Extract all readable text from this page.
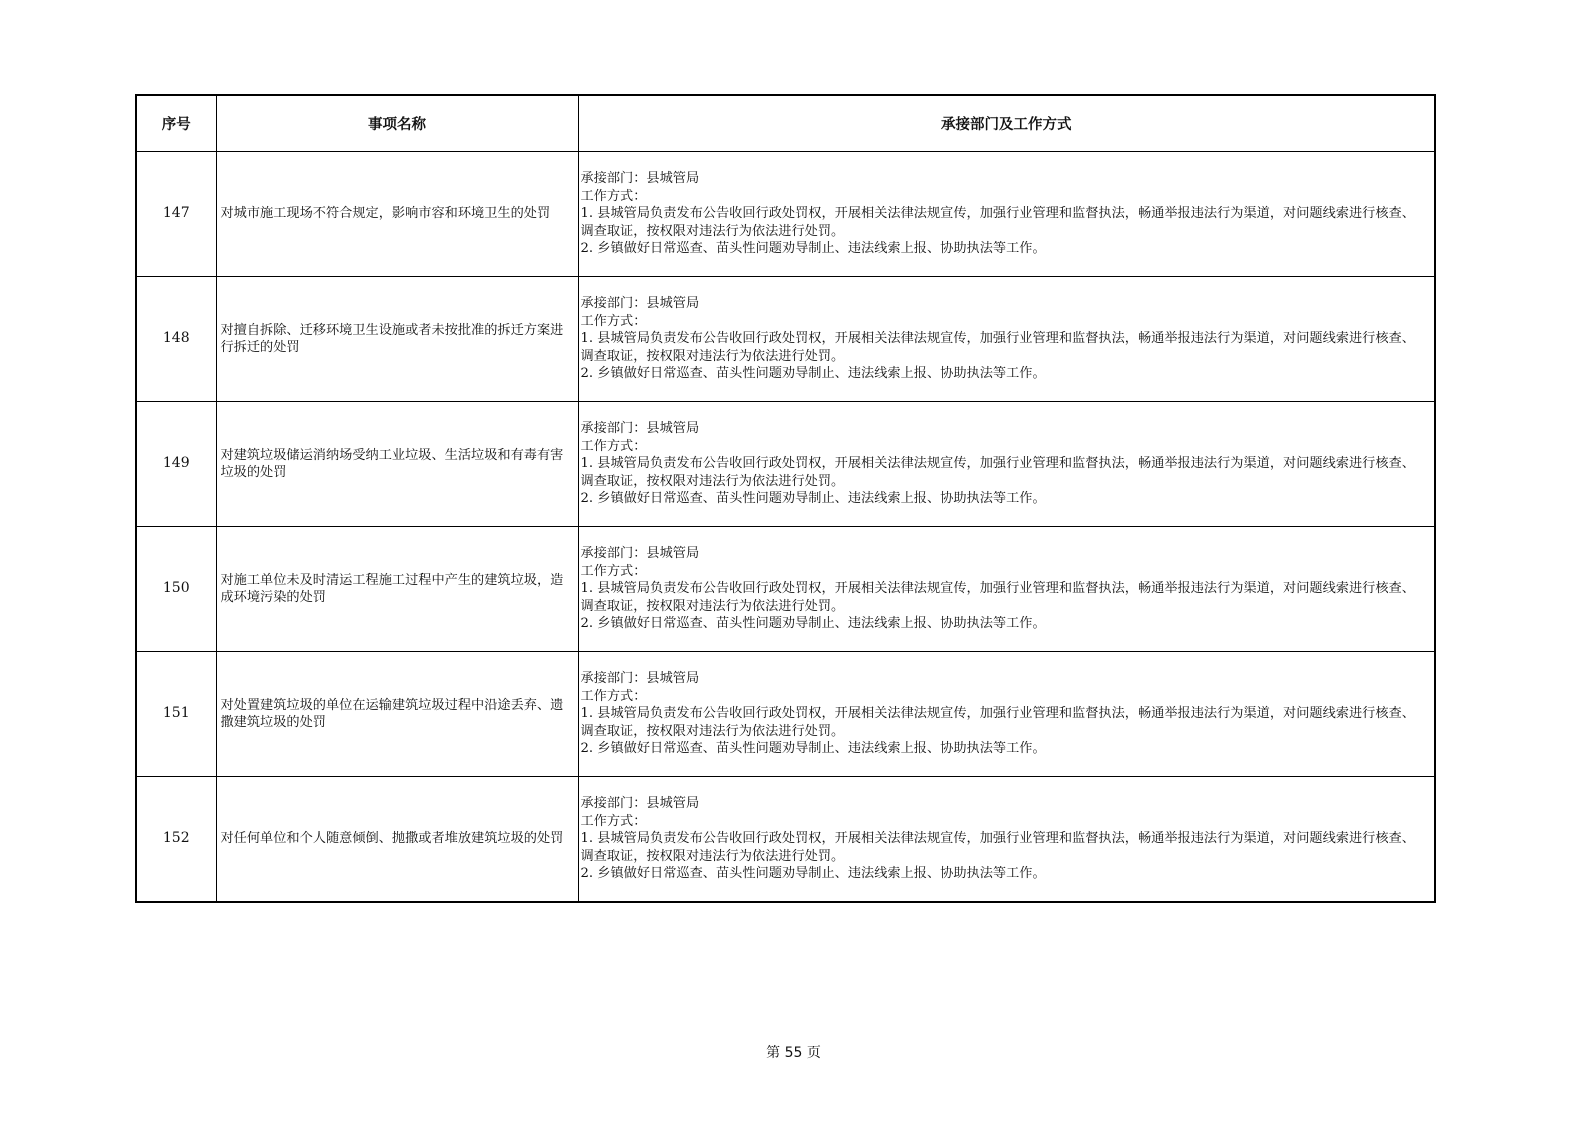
序号	事项名称	承接部门及工作方式
147	对城市施工现场不符合规定，影响市容和环境卫生的处罚	承接部门：县城管局
工作方式：
1. 县城管局负责发布公告收回行政处罚权，开展相关法律法规宣传，加强行业管理和监督执法，畅通举报违法行为渠道，对问题线索进行核查、调查取证，按权限对违法行为依法进行处罚。
2. 乡镇做好日常巡查、苗头性问题劝导制止、违法线索上报、协助执法等工作。

148	对擅自拆除、迁移环境卫生设施或者未按批准的拆迁方案进行拆迁的处罚	承接部门：县城管局
工作方式：
1. 县城管局负责发布公告收回行政处罚权，开展相关法律法规宣传，加强行业管理和监督执法，畅通举报违法行为渠道，对问题线索进行核查、调查取证，按权限对违法行为依法进行处罚。
2. 乡镇做好日常巡查、苗头性问题劝导制止、违法线索上报、协助执法等工作。

149	对建筑垃圾储运消纳场受纳工业垃圾、生活垃圾和有毒有害垃圾的处罚	承接部门：县城管局
工作方式：
1. 县城管局负责发布公告收回行政处罚权，开展相关法律法规宣传，加强行业管理和监督执法，畅通举报违法行为渠道，对问题线索进行核查、调查取证，按权限对违法行为依法进行处罚。
2. 乡镇做好日常巡查、苗头性问题劝导制止、违法线索上报、协助执法等工作。

150	对施工单位未及时清运工程施工过程中产生的建筑垃圾，造成环境污染的处罚	承接部门：县城管局
工作方式：
1. 县城管局负责发布公告收回行政处罚权，开展相关法律法规宣传，加强行业管理和监督执法，畅通举报违法行为渠道，对问题线索进行核查、调查取证，按权限对违法行为依法进行处罚。
2. 乡镇做好日常巡查、苗头性问题劝导制止、违法线索上报、协助执法等工作。

151	对处置建筑垃圾的单位在运输建筑垃圾过程中沿途丢弃、遗撒建筑垃圾的处罚	承接部门：县城管局
工作方式：
1. 县城管局负责发布公告收回行政处罚权，开展相关法律法规宣传，加强行业管理和监督执法，畅通举报违法行为渠道，对问题线索进行核查、调查取证，按权限对违法行为依法进行处罚。
2. 乡镇做好日常巡查、苗头性问题劝导制止、违法线索上报、协助执法等工作。

152	对任何单位和个人随意倾倒、抛撒或者堆放建筑垃圾的处罚	承接部门：县城管局
工作方式：
1. 县城管局负责发布公告收回行政处罚权，开展相关法律法规宣传，加强行业管理和监督执法，畅通举报违法行为渠道，对问题线索进行核查、调查取证，按权限对违法行为依法进行处罚。
2. 乡镇做好日常巡查、苗头性问题劝导制止、违法线索上报、协助执法等工作。
第 55 页
